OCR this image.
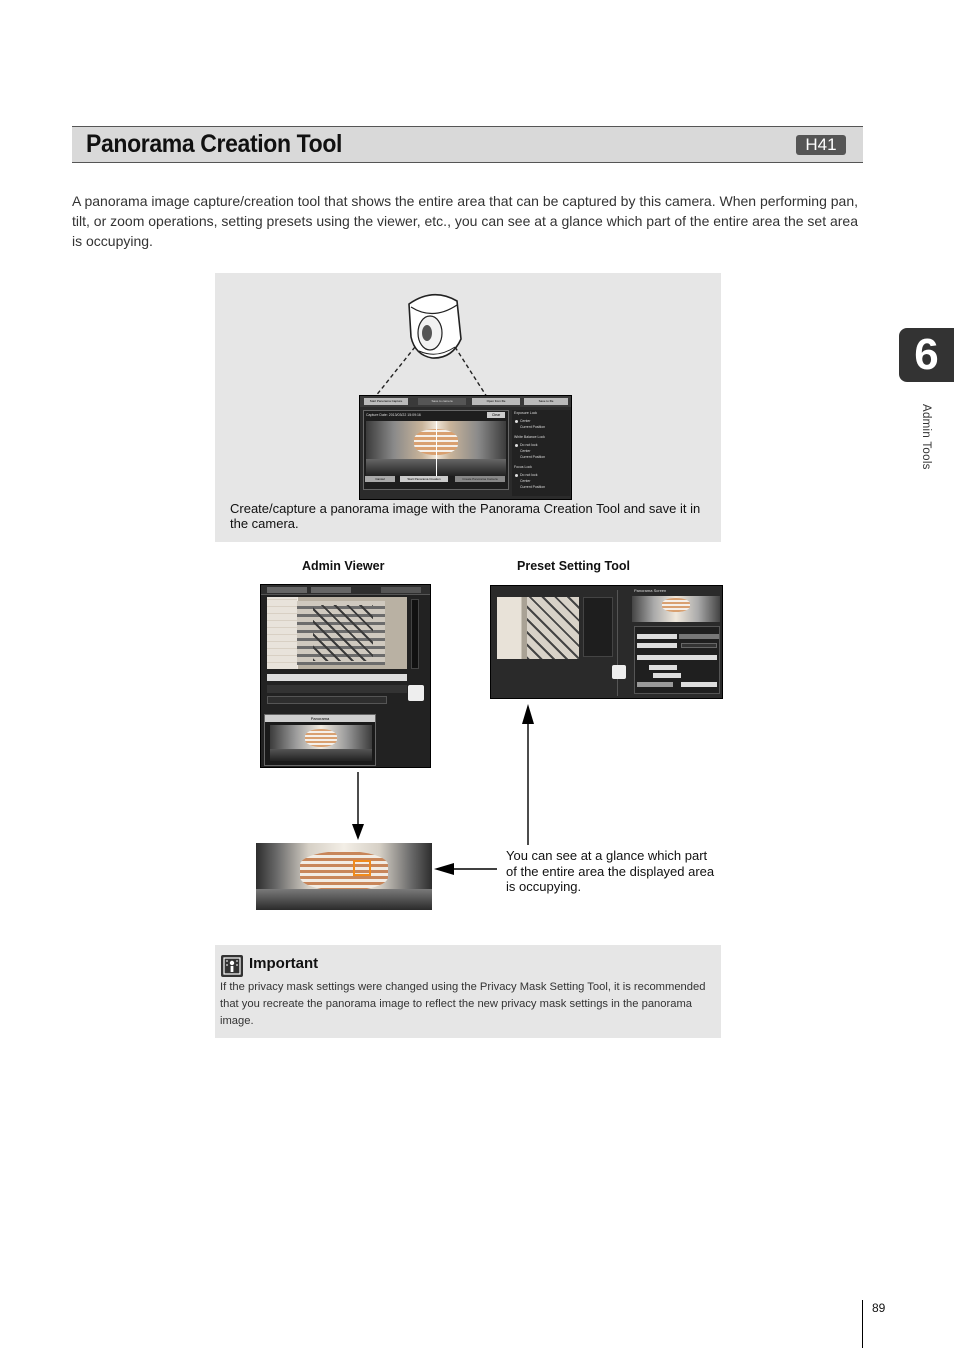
Panorama Creation Tool	H41

A panorama image capture/creation tool that shows the entire area that can be captured by this camera. When performing pan, tilt, or zoom operations, setting presets using the viewer, etc., you can see at a glance which part of the entire area the set area is occupying.

6
Admin Tools
Start Panorama Capture	Save to camera	Open from file	Save to file
Capture Date: 2013/03/22 15:09:16	Clear	Exposure Lock
Center
Current Position
White Balance Lock
Do not lock
Center
Current Position
Focus Lock
Do not lock
Center
Current Position
Cancel	Start Panorama Creation	Create Panorama Camera

Create/capture a panorama image with the Panorama Creation Tool and save it in the camera.

Admin Viewer	Preset Setting Tool
Panorama
Panorama Screen

You can see at a glance which part of the entire area the displayed area is occupying.

Important

If the privacy mask settings were changed using the Privacy Mask Setting Tool, it is recommended that you recreate the panorama image to reflect the new privacy mask settings in the panorama image.

89
